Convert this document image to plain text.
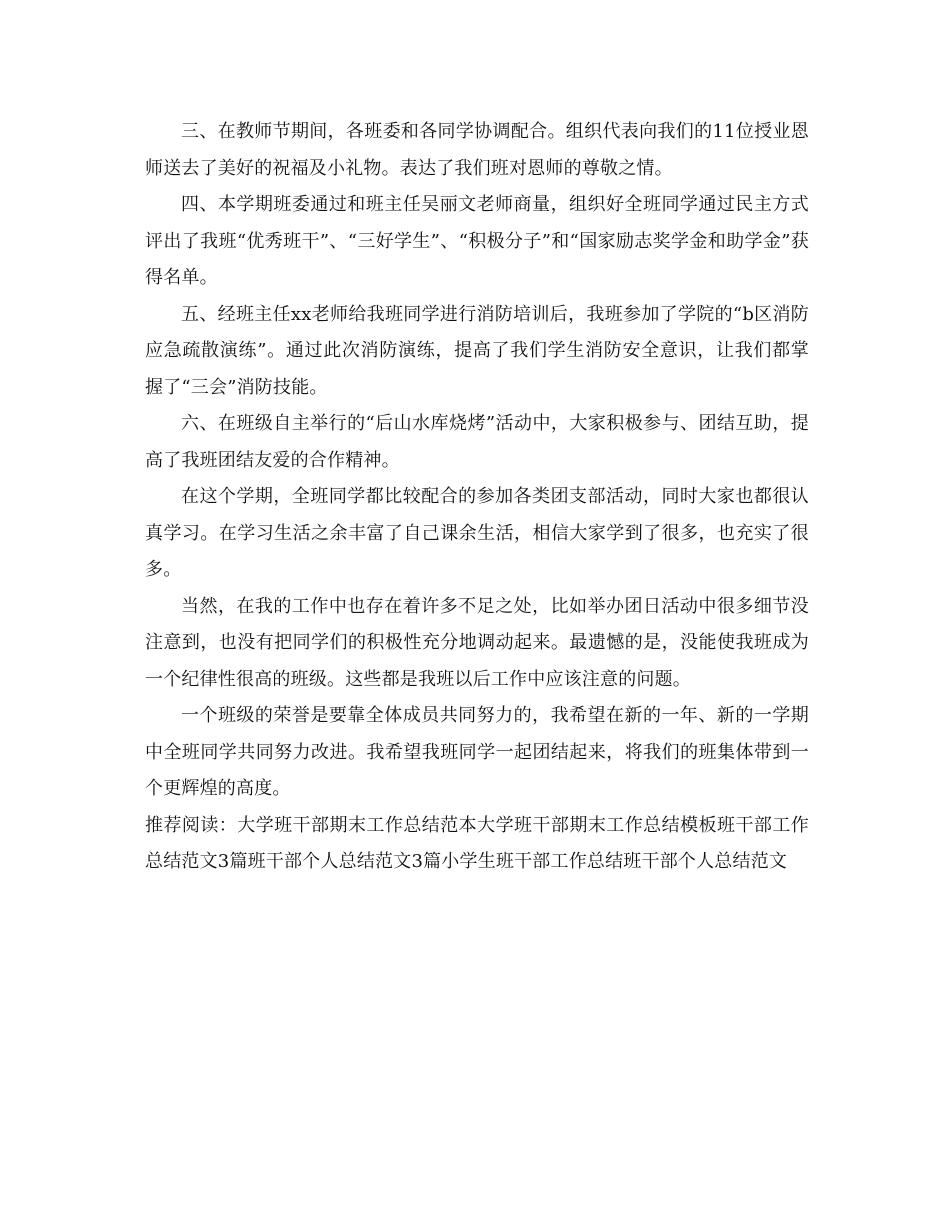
三、在教师节期间，各班委和各同学协调配合。组织代表向我们的11位授业恩师送去了美好的祝福及小礼物。表达了我们班对恩师的尊敬之情。

四、本学期班委通过和班主任吴丽文老师商量，组织好全班同学通过民主方式评出了我班“优秀班干”、“三好学生”、“积极分子”和“国家励志奖学金和助学金”获得名单。

五、经班主任xx老师给我班同学进行消防培训后，我班参加了学院的“b区消防应急疏散演练”。通过此次消防演练，提高了我们学生消防安全意识，让我们都掌握了“三会”消防技能。

六、在班级自主举行的“后山水库烧烤”活动中，大家积极参与、团结互助，提高了我班团结友爱的合作精神。

在这个学期，全班同学都比较配合的参加各类团支部活动，同时大家也都很认真学习。在学习生活之余丰富了自己课余生活，相信大家学到了很多，也充实了很多。

当然，在我的工作中也存在着许多不足之处，比如举办团日活动中很多细节没注意到，也没有把同学们的积极性充分地调动起来。最遗憾的是，没能使我班成为一个纪律性很高的班级。这些都是我班以后工作中应该注意的问题。

一个班级的荣誉是要靠全体成员共同努力的，我希望在新的一年、新的一学期中全班同学共同努力改进。我希望我班同学一起团结起来，将我们的班集体带到一个更辉煌的高度。

推荐阅读：大学班干部期末工作总结范本大学班干部期末工作总结模板班干部工作总结范文3篇班干部个人总结范文3篇小学生班干部工作总结班干部个人总结范文
